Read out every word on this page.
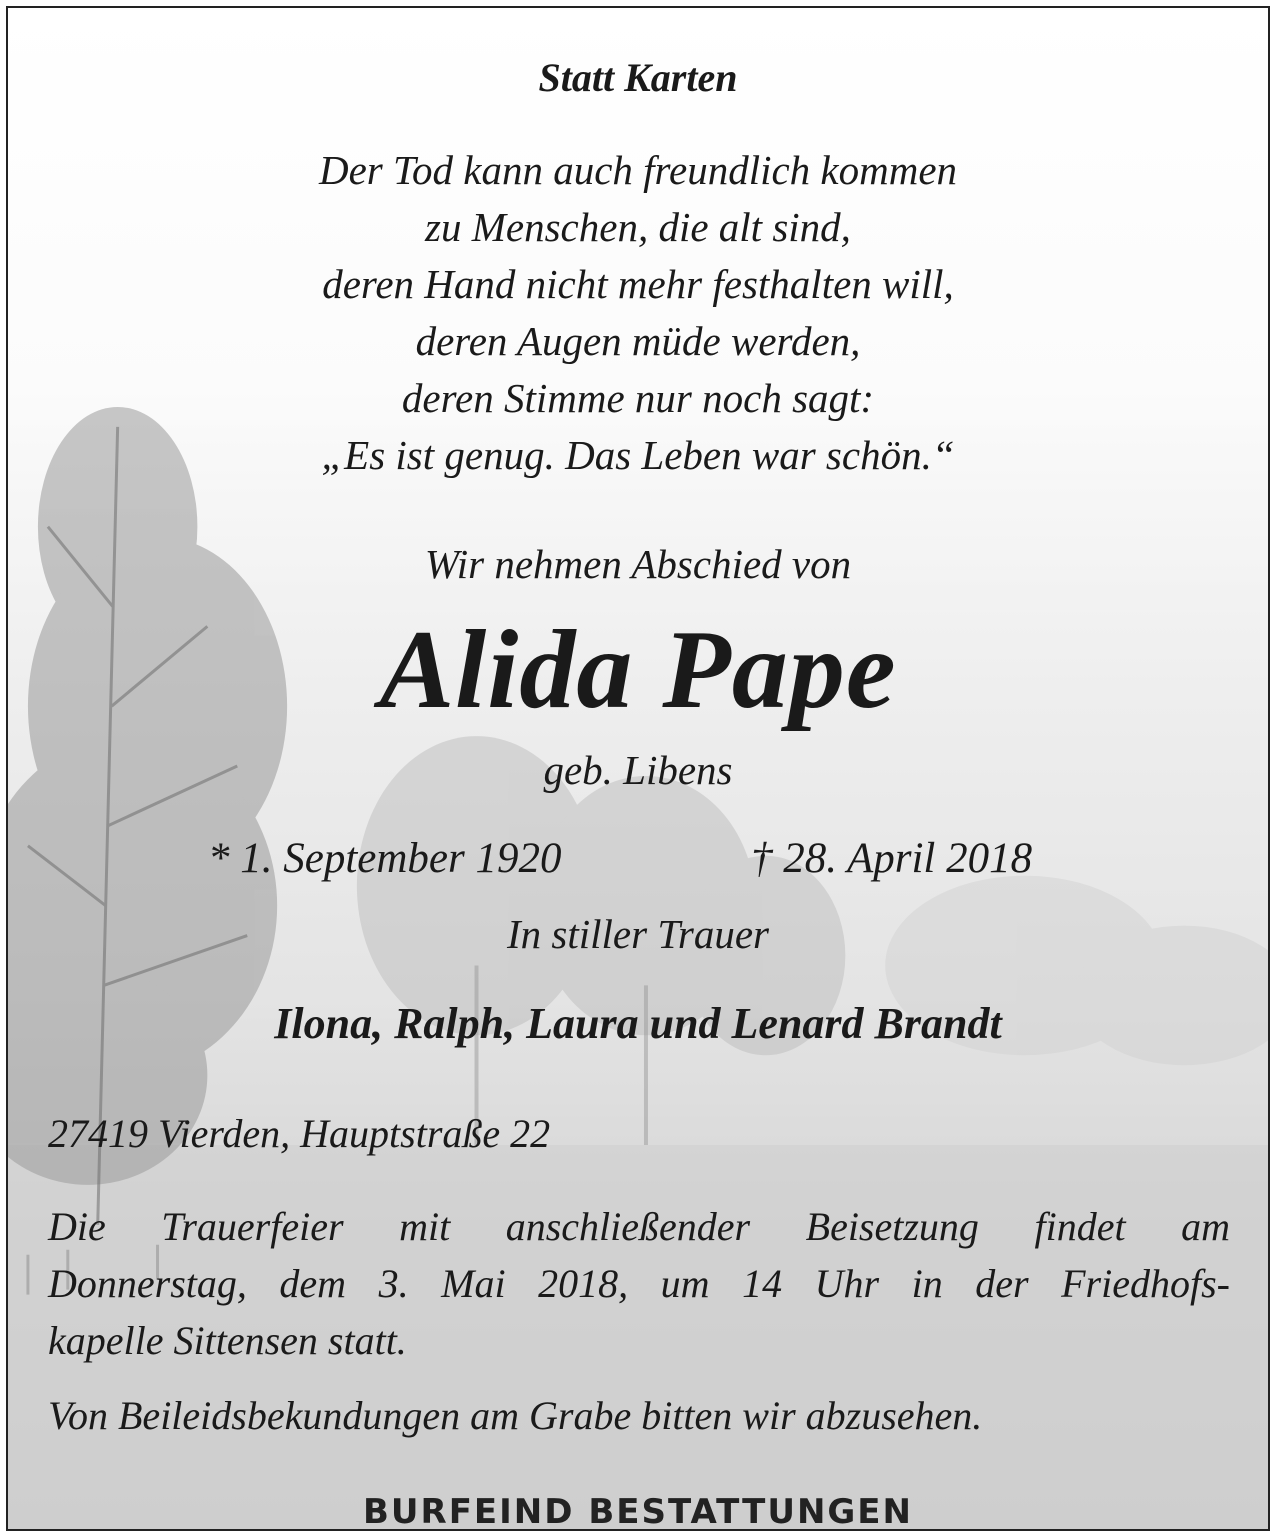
Statt Karten
Der Tod kann auch freundlich kommen
zu Menschen, die alt sind,
deren Hand nicht mehr festhalten will,
deren Augen müde werden,
deren Stimme nur noch sagt:
„Es ist genug. Das Leben war schön.“
Wir nehmen Abschied von
Alida Pape
geb. Libens
* 1. September 1920	† 28. April 2018
In stiller Trauer
Ilona, Ralph, Laura und Lenard Brandt
27419 Vierden, Hauptstraße 22
Die Trauerfeier mit anschließender Beisetzung findet am
Donnerstag, dem 3. Mai 2018, um 14 Uhr in der Friedhofs-
kapelle Sittensen statt.
Von Beileidsbekundungen am Grabe bitten wir abzusehen.
BURFEIND BESTATTUNGEN
